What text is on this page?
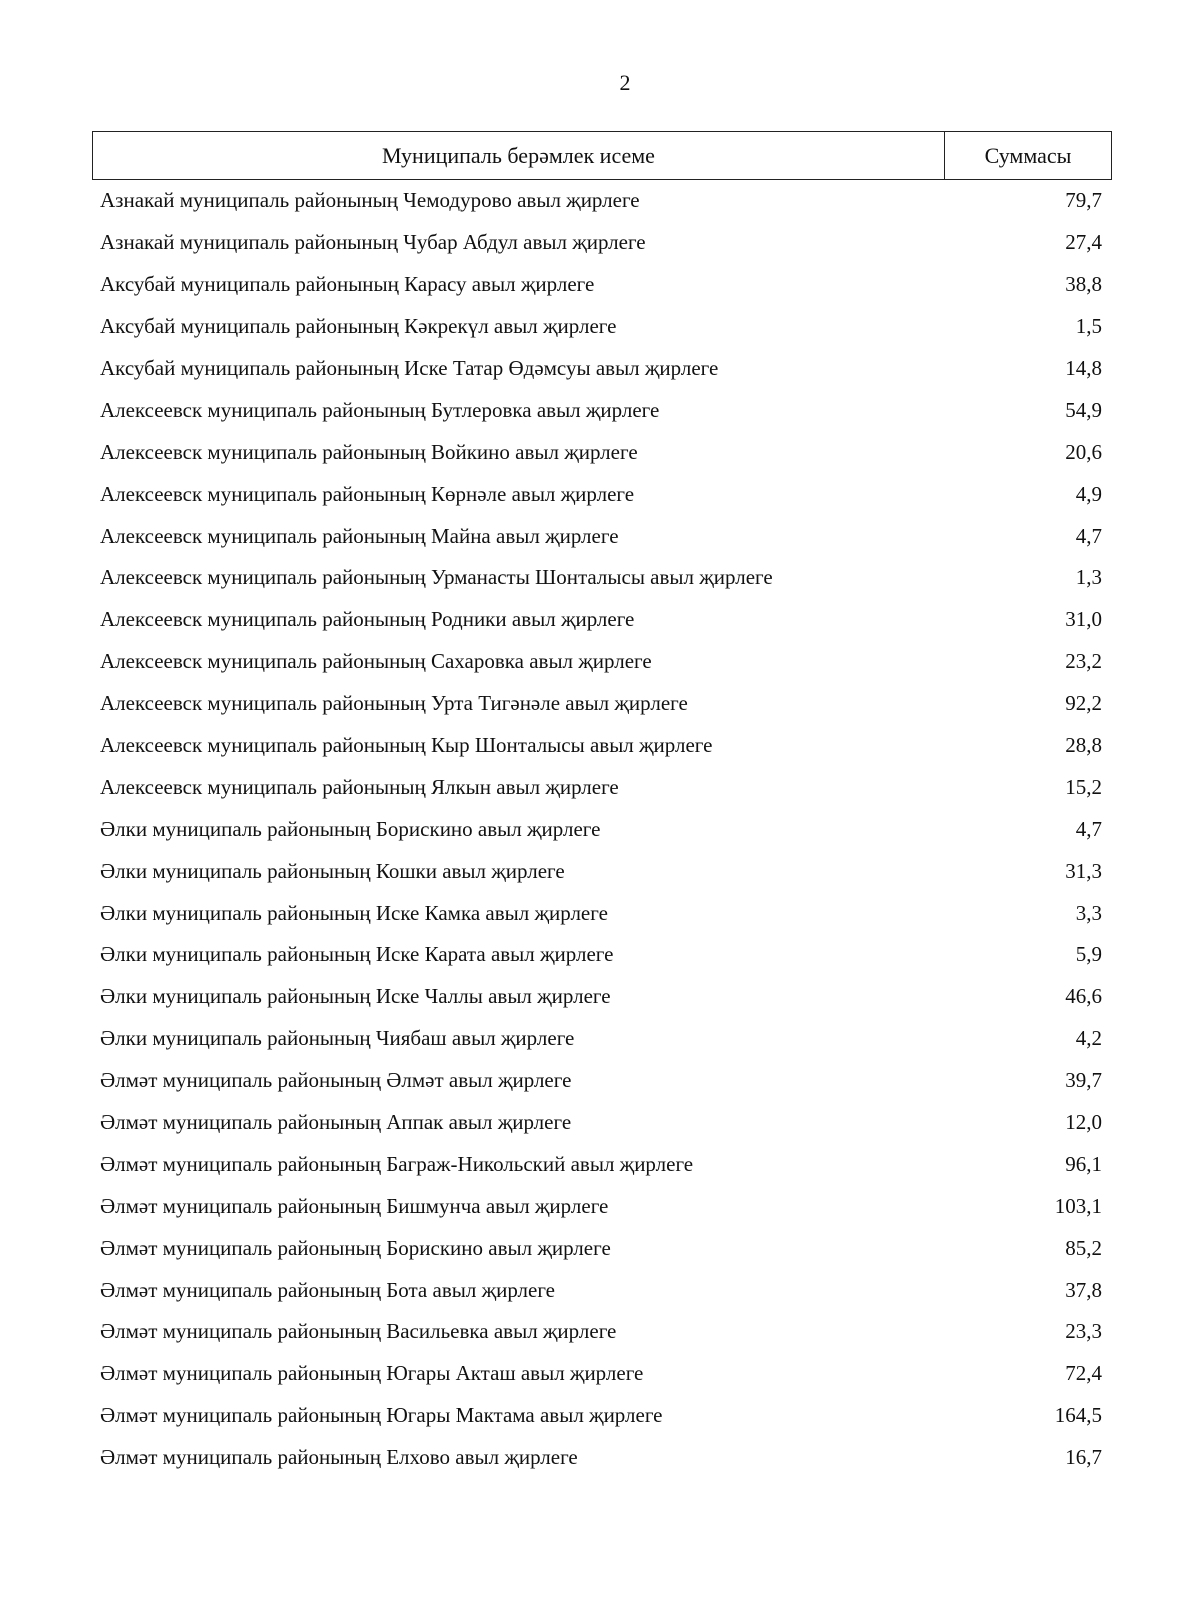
2
Муниципаль берәмлек исеме	Суммасы
Азнакай муниципаль районының Чемодурово авыл җирлеге	79,7
Азнакай муниципаль районының Чубар Абдул авыл җирлеге	27,4
Аксубай муниципаль районының Карасу авыл җирлеге	38,8
Аксубай муниципаль районының Кәкрекүл авыл җирлеге	1,5
Аксубай муниципаль районының Иске Татар Өдәмсуы авыл җирлеге	14,8
Алексеевск муниципаль районының Бутлеровка авыл җирлеге	54,9
Алексеевск муниципаль районының Войкино авыл җирлеге	20,6
Алексеевск муниципаль районының Көрнәле авыл җирлеге	4,9
Алексеевск муниципаль районының Майна авыл җирлеге	4,7
Алексеевск муниципаль районының Урманасты Шонталысы авыл җирлеге	1,3
Алексеевск муниципаль районының Родники авыл җирлеге	31,0
Алексеевск муниципаль районының Сахаровка авыл җирлеге	23,2
Алексеевск муниципаль районының Урта Тигәнәле авыл җирлеге	92,2
Алексеевск муниципаль районының Кыр Шонталысы авыл җирлеге	28,8
Алексеевск муниципаль районының Ялкын авыл җирлеге	15,2
Әлки муниципаль районының Борискино авыл җирлеге	4,7
Әлки муниципаль районының Кошки авыл җирлеге	31,3
Әлки муниципаль районының Иске Камка авыл җирлеге	3,3
Әлки муниципаль районының Иске Карата авыл җирлеге	5,9
Әлки муниципаль районының Иске Чаллы авыл җирлеге	46,6
Әлки муниципаль районының Чиябаш авыл җирлеге	4,2
Әлмәт муниципаль районының Әлмәт авыл җирлеге	39,7
Әлмәт муниципаль районының Аппак авыл җирлеге	12,0
Әлмәт муниципаль районының Баграж-Никольский авыл җирлеге	96,1
Әлмәт муниципаль районының Бишмунча авыл җирлеге	103,1
Әлмәт муниципаль районының Борискино авыл җирлеге	85,2
Әлмәт муниципаль районының Бота авыл җирлеге	37,8
Әлмәт муниципаль районының Васильевка авыл җирлеге	23,3
Әлмәт муниципаль районының Югары Акташ авыл җирлеге	72,4
Әлмәт муниципаль районының Югары Мактама авыл җирлеге	164,5
Әлмәт муниципаль районының Елхово авыл җирлеге	16,7
